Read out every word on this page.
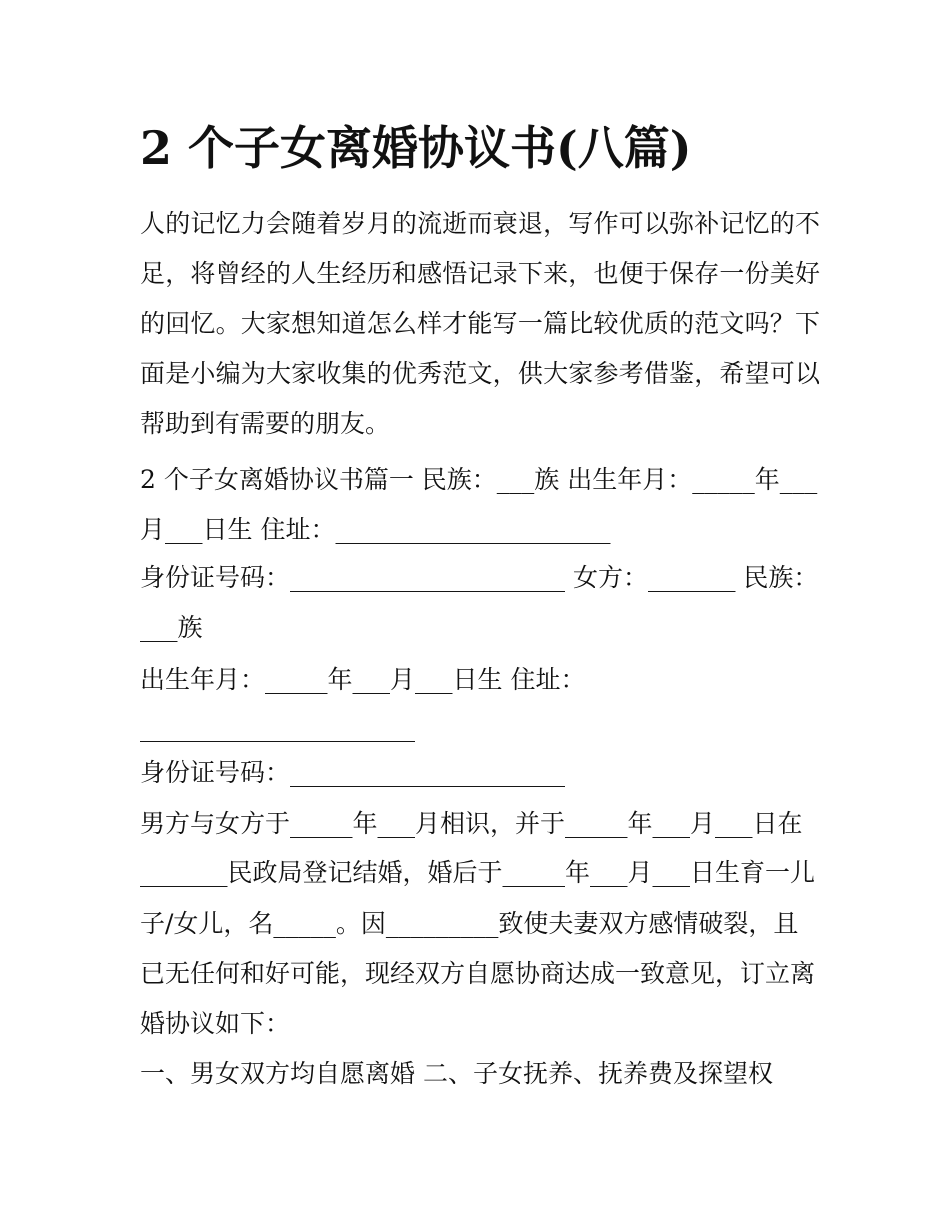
2 个子女离婚协议书(八篇)

人的记忆力会随着岁月的流逝而衰退，写作可以弥补记忆的不足，将曾经的人生经历和感悟记录下来，也便于保存一份美好的回忆。大家想知道怎么样才能写一篇比较优质的范文吗？下面是小编为大家收集的优秀范文，供大家参考借鉴，希望可以帮助到有需要的朋友。

2 个子女离婚协议书篇一 民族：___族 出生年月：_____年___

月___日生 住址：______________________

身份证号码：______________________ 女方：_______ 民族：

___族

出生年月：_____年___月___日生 住址：

______________________

身份证号码：______________________

男方与女方于_____年___月相识，并于_____年___月___日在

_______民政局登记结婚，婚后于_____年___月___日生育一儿

子/女儿，名_____。因_________致使夫妻双方感情破裂，且

已无任何和好可能，现经双方自愿协商达成一致意见，订立离

婚协议如下：

一、男女双方均自愿离婚 二、子女抚养、抚养费及探望权
